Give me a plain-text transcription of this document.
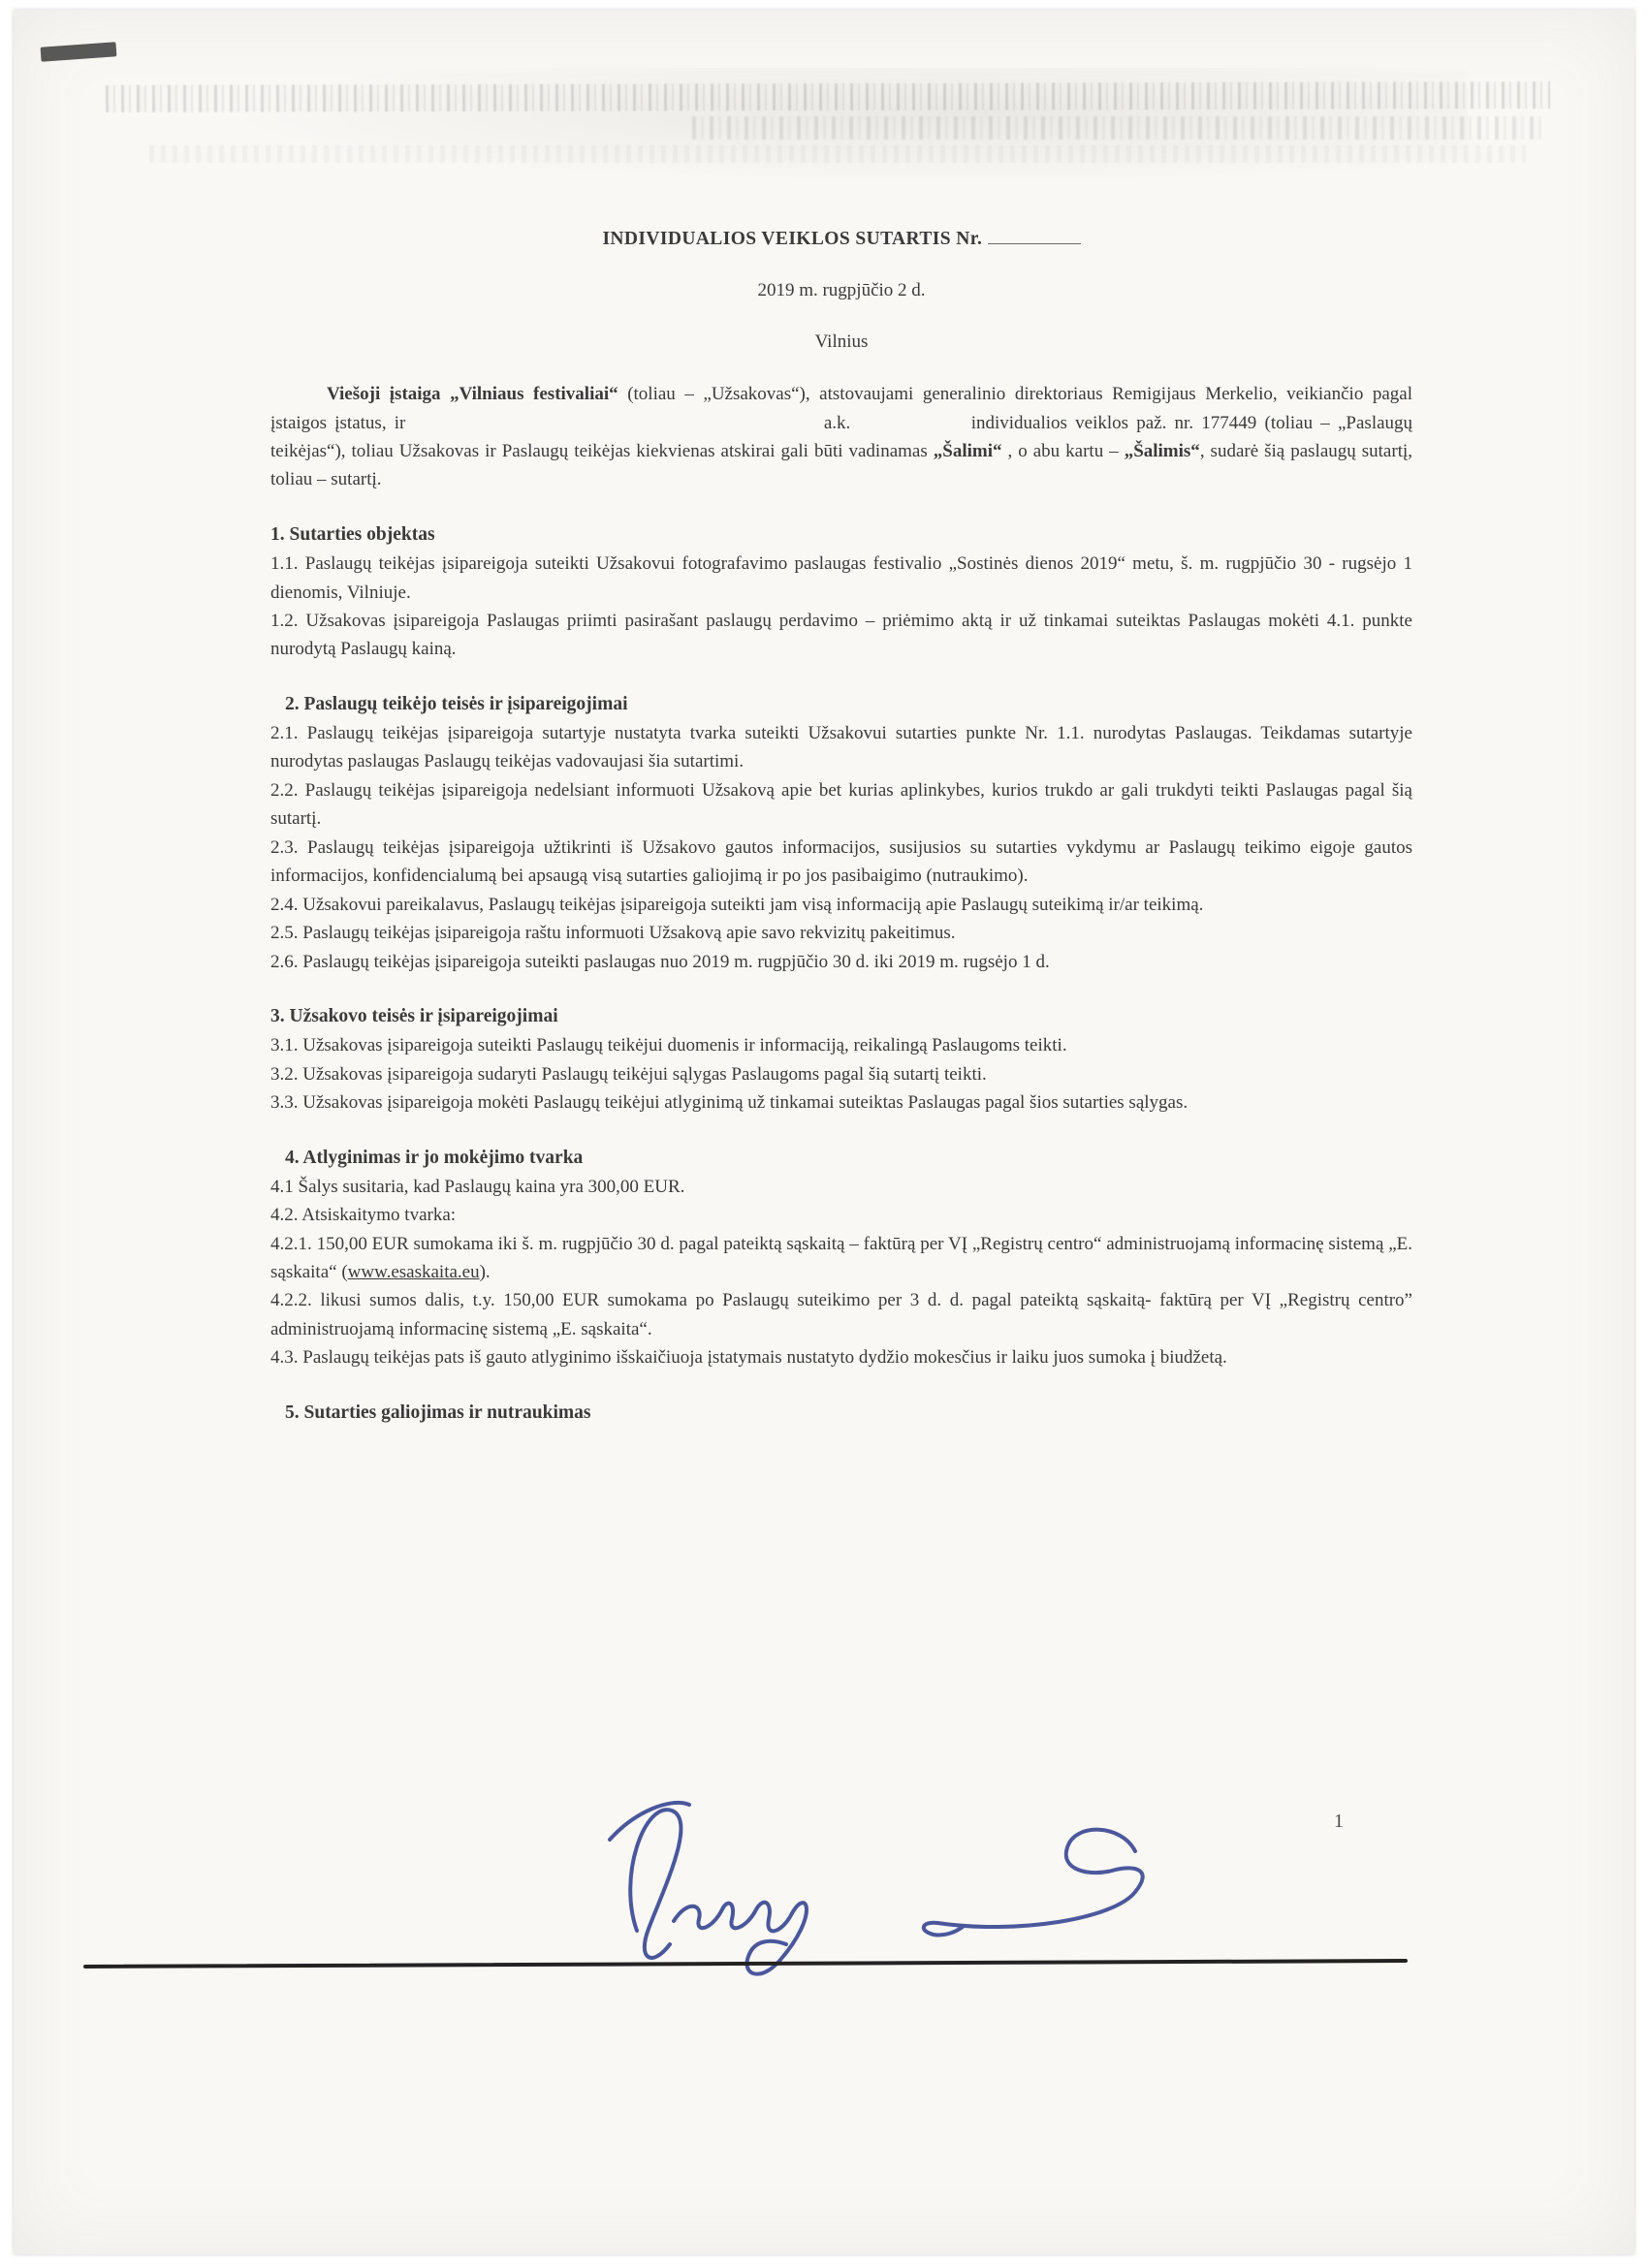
INDIVIDUALIOS VEIKLOS SUTARTIS Nr.

2019 m. rugpjūčio 2 d.

Vilnius

Viešoji įstaiga „Vilniaus festivaliai“ (toliau – „Užsakovas“), atstovaujami generalinio direktoriaus Remigijaus Merkelio, veikiančio pagal įstaigos įstatus, ir	a.k.	individualios veiklos paž. nr. 177449 (toliau – „Paslaugų teikėjas“), toliau Užsakovas ir Paslaugų teikėjas kiekvienas atskirai gali būti vadinamas „Šalimi“ , o abu kartu – „Šalimis“, sudarė šią paslaugų sutartį, toliau – sutartį.

1. Sutarties objektas

1.1. Paslaugų teikėjas įsipareigoja suteikti Užsakovui fotografavimo paslaugas festivalio „Sostinės dienos 2019“ metu, š. m. rugpjūčio 30 - rugsėjo 1 dienomis, Vilniuje.

1.2. Užsakovas įsipareigoja Paslaugas priimti pasirašant paslaugų perdavimo – priėmimo aktą ir už tinkamai suteiktas Paslaugas mokėti 4.1. punkte nurodytą Paslaugų kainą.

2. Paslaugų teikėjo teisės ir įsipareigojimai

2.1. Paslaugų teikėjas įsipareigoja sutartyje nustatyta tvarka suteikti Užsakovui sutarties punkte Nr. 1.1. nurodytas Paslaugas. Teikdamas sutartyje nurodytas paslaugas Paslaugų teikėjas vadovaujasi šia sutartimi.

2.2. Paslaugų teikėjas įsipareigoja nedelsiant informuoti Užsakovą apie bet kurias aplinkybes, kurios trukdo ar gali trukdyti teikti Paslaugas pagal šią sutartį.

2.3. Paslaugų teikėjas įsipareigoja užtikrinti iš Užsakovo gautos informacijos, susijusios su sutarties vykdymu ar Paslaugų teikimo eigoje gautos informacijos, konfidencialumą bei apsaugą visą sutarties galiojimą ir po jos pasibaigimo (nutraukimo).

2.4. Užsakovui pareikalavus, Paslaugų teikėjas įsipareigoja suteikti jam visą informaciją apie Paslaugų suteikimą ir/ar teikimą.

2.5. Paslaugų teikėjas įsipareigoja raštu informuoti Užsakovą apie savo rekvizitų pakeitimus.

2.6. Paslaugų teikėjas įsipareigoja suteikti paslaugas nuo 2019 m. rugpjūčio 30 d. iki 2019 m. rugsėjo 1 d.

3. Užsakovo teisės ir įsipareigojimai

3.1. Užsakovas įsipareigoja suteikti Paslaugų teikėjui duomenis ir informaciją, reikalingą Paslaugoms teikti.

3.2. Užsakovas įsipareigoja sudaryti Paslaugų teikėjui sąlygas Paslaugoms pagal šią sutartį teikti.

3.3. Užsakovas įsipareigoja mokėti Paslaugų teikėjui atlyginimą už tinkamai suteiktas Paslaugas pagal šios sutarties sąlygas.

4. Atlyginimas ir jo mokėjimo tvarka

4.1 Šalys susitaria, kad Paslaugų kaina yra 300,00 EUR.

4.2. Atsiskaitymo tvarka:

4.2.1. 150,00 EUR sumokama iki š. m. rugpjūčio 30 d. pagal pateiktą sąskaitą – faktūrą per VĮ „Registrų centro“ administruojamą informacinę sistemą „E. sąskaita“ (www.esaskaita.eu).

4.2.2. likusi sumos dalis, t.y. 150,00 EUR sumokama po Paslaugų suteikimo per 3 d. d. pagal pateiktą sąskaitą- faktūrą per VĮ „Registrų centro” administruojamą informacinę sistemą „E. sąskaita“.

4.3. Paslaugų teikėjas pats iš gauto atlyginimo išskaičiuoja įstatymais nustatyto dydžio mokesčius ir laiku juos sumoka į biudžetą.

5. Sutarties galiojimas ir nutraukimas
1
